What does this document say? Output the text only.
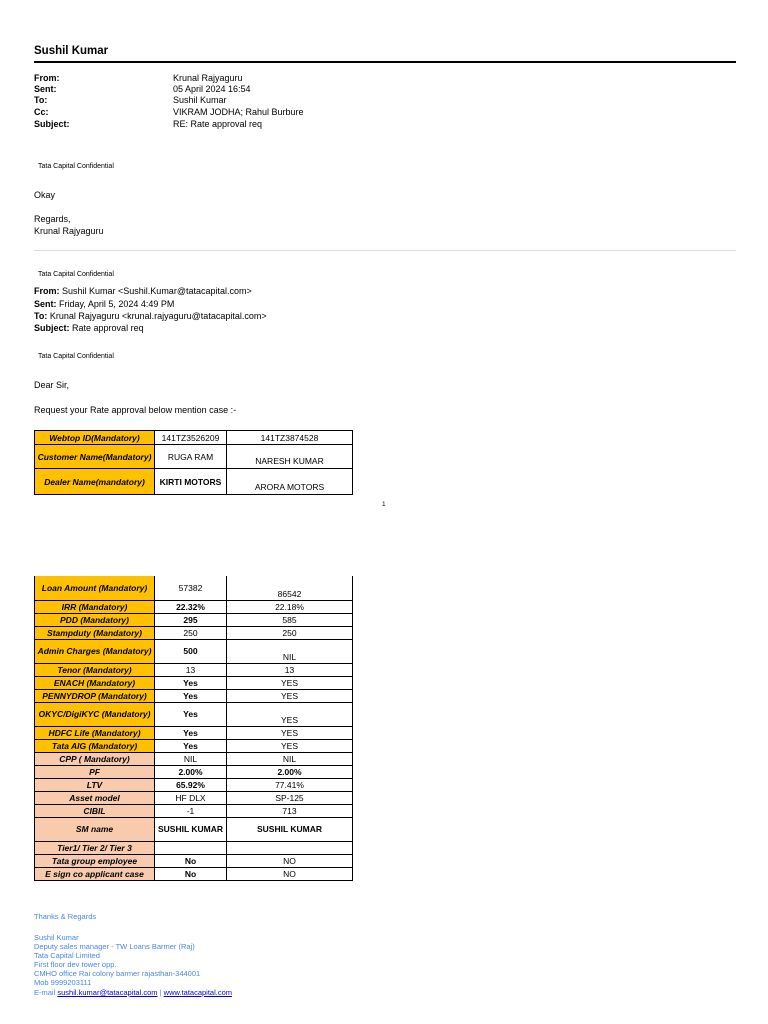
Sushil Kumar
From:	Krunal Rajyaguru
Sent:	05 April 2024 16:54
To:	Sushil Kumar
Cc:	VIKRAM JODHA; Rahul Burbure
Subject:	RE: Rate approval req
Tata Capital Confidential
Okay
Regards,
Krunal Rajyaguru
Tata Capital Confidential
From: Sushil Kumar <Sushil.Kumar@tatacapital.com>
Sent: Friday, April 5, 2024 4:49 PM
To: Krunal Rajyaguru <krunal.rajyaguru@tatacapital.com>
Subject: Rate approval req
Tata Capital Confidential
Dear Sir,
Request your Rate approval below mention case :-
Webtop ID(Mandatory)	141TZ3526209	141TZ3874528
Customer Name(Mandatory)	RUGA RAM	NARESH KUMAR
Dealer Name(mandatory)	KIRTI MOTORS	ARORA MOTORS
1
Loan Amount (Mandatory)	57382	86542
IRR (Mandatory)	22.32%	22.18%
PDD (Mandatory)	295	585
Stampduty (Mandatory)	250	250
Admin Charges (Mandatory)	500	NIL
Tenor (Mandatory)	13	13
ENACH (Mandatory)	Yes	YES
PENNYDROP (Mandatory)	Yes	YES
OKYC/DigiKYC (Mandatory)	Yes	YES
HDFC Life (Mandatory)	Yes	YES
Tata AIG (Mandatory)	Yes	YES
CPP ( Mandatory)	NIL	NIL
PF	2.00%	2.00%
LTV	65.92%	77.41%
Asset model	HF DLX	SP-125
CIBIL	-1	713
SM name	SUSHIL KUMAR	SUSHIL KUMAR
Tier1/ Tier 2/ Tier 3		
Tata group employee	No	NO
E sign co applicant case	No	NO
Thanks & Regards
Sushil Kumar
Deputy sales manager - TW Loans Barmer (Raj)
Tata Capital Limited
First floor dev tower opp.
CMHO office Rai colony barmer rajasthan-344001
Mob 9999203111
E-mail sushil.kumar@tatacapital.com | www.tatacapital.com
